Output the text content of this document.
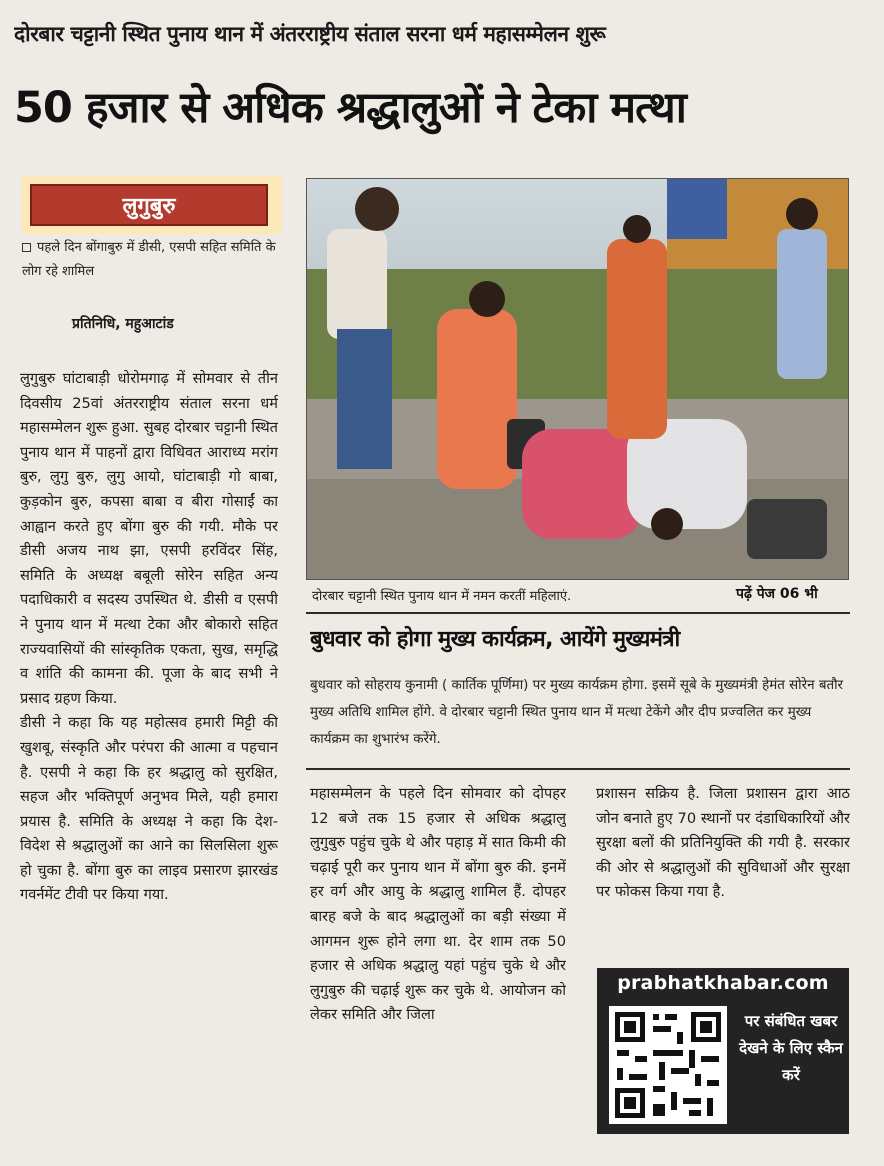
दोरबार चट्टानी स्थित पुनाय थान में अंतरराष्ट्रीय संताल सरना धर्म महासम्मेलन शुरू
50 हजार से अधिक श्रद्धालुओं ने टेका मत्था
लुगुबुरु
पहले दिन बोंगाबुरु में डीसी, एसपी सहित समिति के लोग रहे शामिल
प्रतिनिधि, महुआटांड

लुगुबुरु घांटाबाड़ी धोरोमगाढ़ में सोमवार से तीन दिवसीय 25वां अंतरराष्ट्रीय संताल सरना धर्म महासम्मेलन शुरू हुआ. सुबह दोरबार चट्टानी स्थित पुनाय थान में पाहनों द्वारा विधिवत आराध्य मरांग बुरु, लुगु बुरु, लुगु आयो, घांटाबाड़ी गो बाबा, कुड़कोन बुरु, कपसा बाबा व बीरा गोसाईं का आह्वान करते हुए बोंगा बुरु की गयी. मौके पर डीसी अजय नाथ झा, एसपी हरविंदर सिंह, समिति के अध्यक्ष बबूली सोरेन सहित अन्य पदाधिकारी व सदस्य उपस्थित थे. डीसी व एसपी ने पुनाय थान में मत्था टेका और बोकारो सहित राज्यवासियों की सांस्कृतिक एकता, सुख, समृद्धि व शांति की कामना की. पूजा के बाद सभी ने प्रसाद ग्रहण किया.

डीसी ने कहा कि यह महोत्सव हमारी मिट्टी की खुशबू, संस्कृति और परंपरा की आत्मा व पहचान है. एसपी ने कहा कि हर श्रद्धालु को सुरक्षित, सहज और भक्तिपूर्ण अनुभव मिले, यही हमारा प्रयास है. समिति के अध्यक्ष ने कहा कि देश-विदेश से श्रद्धालुओं का आने का सिलसिला शुरू हो चुका है. बोंगा बुरु का लाइव प्रसारण झारखंड गवर्नमेंट टीवी पर किया गया.

दोरबार चट्टानी स्थित पुनाय थान में नमन करतीं महिलाएं.	पढ़ें पेज 06 भी
बुधवार को होगा मुख्य कार्यक्रम, आयेंगे मुख्यमंत्री
बुधवार को सोहराय कुनामी ( कार्तिक पूर्णिमा) पर मुख्य कार्यक्रम होगा. इसमें सूबे के मुख्यमंत्री हेमंत सोरेन बतौर मुख्य अतिथि शामिल होंगे. वे दोरबार चट्टानी स्थित पुनाय थान में मत्था टेकेंगे और दीप प्रज्वलित कर मुख्य कार्यक्रम का शुभारंभ करेंगे.
महासम्मेलन के पहले दिन सोमवार को दोपहर 12 बजे तक 15 हजार से अधिक श्रद्धालु लुगुबुरु पहुंच चुके थे और पहाड़ में सात किमी की चढ़ाई पूरी कर पुनाय थान में बोंगा बुरु की. इनमें हर वर्ग और आयु के श्रद्धालु शामिल हैं. दोपहर बारह बजे के बाद श्रद्धालुओं का बड़ी संख्या में आगमन शुरू होने लगा था. देर शाम तक 50 हजार से अधिक श्रद्धालु यहां पहुंच चुके थे और लुगुबुरु की चढ़ाई शुरू कर चुके थे. आयोजन को लेकर समिति और जिला
प्रशासन सक्रिय है. जिला प्रशासन द्वारा आठ जोन बनाते हुए 70 स्थानों पर दंडाधिकारियों और सुरक्षा बलों की प्रतिनियुक्ति की गयी है. सरकार की ओर से श्रद्धालुओं की सुविधाओं और सुरक्षा पर फोकस किया गया है.
prabhatkhabar.com
पर संबंधित खबर देखने के लिए स्कैन करें
